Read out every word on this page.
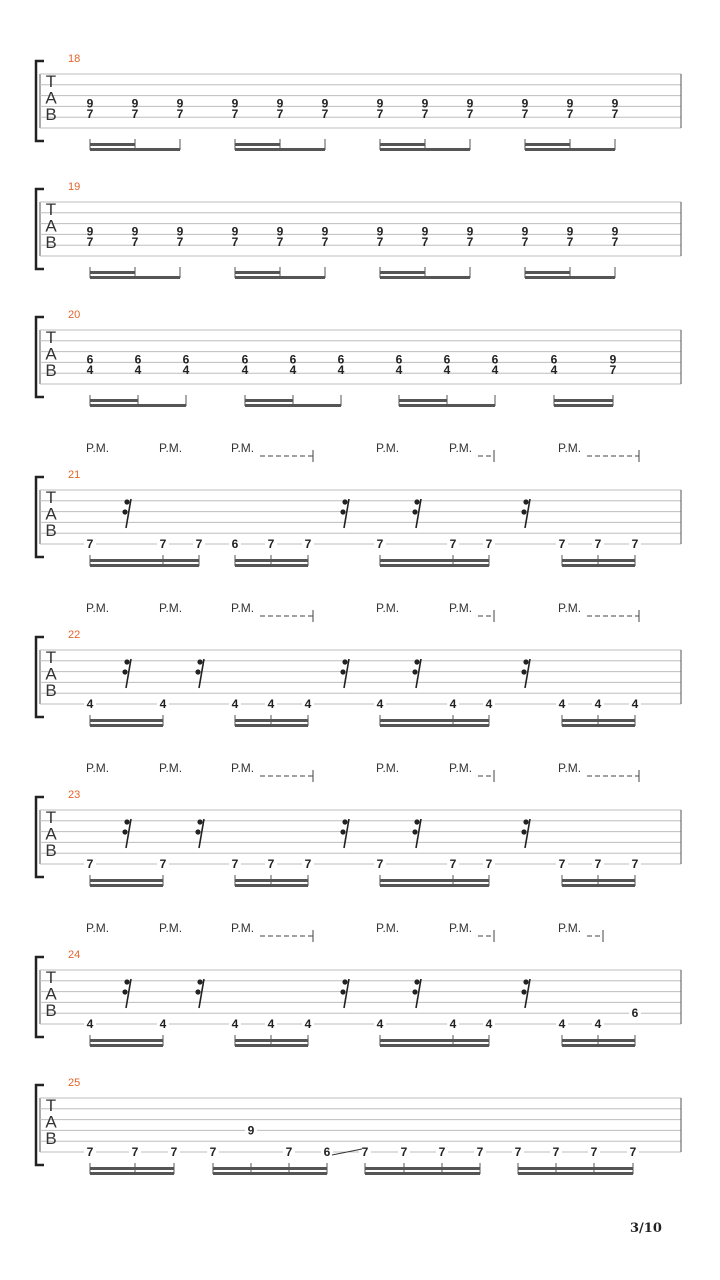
18
T
A
B
9
7
9
7
9
7
9
7
9
7
9
7
9
7
9
7
9
7
9
7
9
7
9
7
19
T
A
B
9
7
9
7
9
7
9
7
9
7
9
7
9
7
9
7
9
7
9
7
9
7
9
7
20
T
A
B
6
4
6
4
6
4
6
4
6
4
6
4
6
4
6
4
6
4
6
4
9
7
21
T
A
B
P.M.	P.M.	P.M.	P.M.	P.M.	P.M.
7	7 7 6 7	7	7	7 7	7 7	7
22
T
A
B
P.M.	P.M.	P.M.	P.M.	P.M.	P.M.
4	4	4 4	4	4	4 4	4 4	4
23
T
A
B
P.M.	P.M.	P.M.	P.M.	P.M.	P.M.
7	7	7 7	7	7	7 7	7 7	7
24
T
A
B
P.M.	P.M.	P.M.	P.M.	P.M.	P.M.
4	4	4 4	4	4	4 4	4 4
6
25
T
A
B
7	7	7	7
9
7	6	7	7	7	7	7	7	7	7
3/10
